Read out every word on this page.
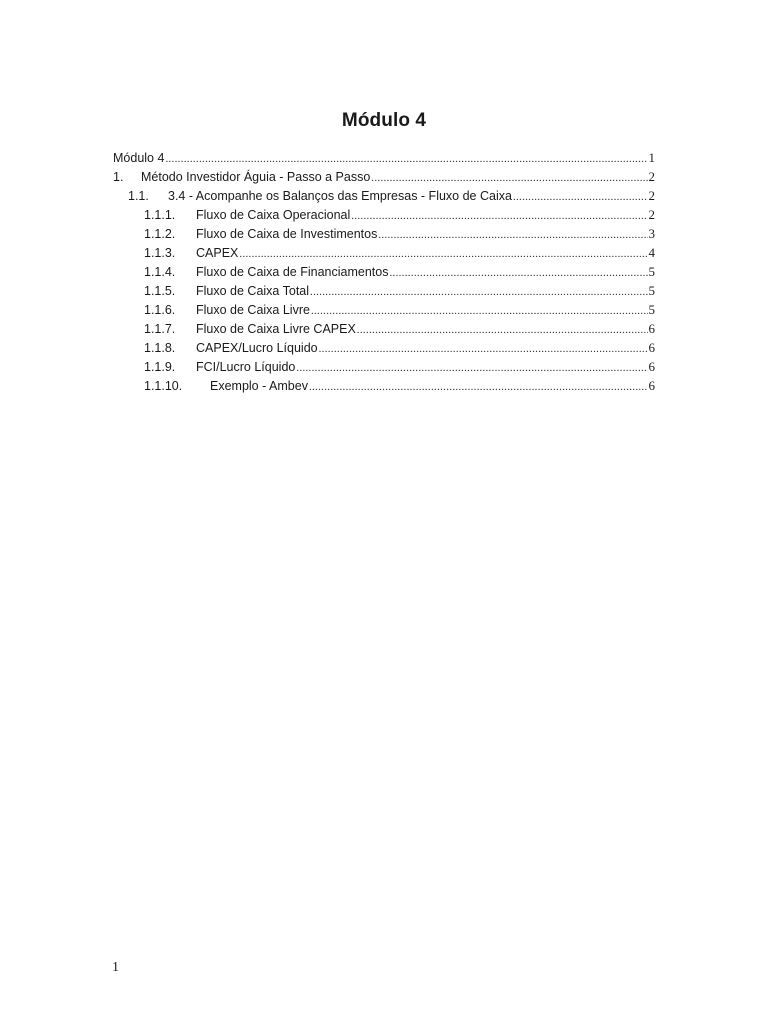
Módulo 4
Módulo 4 .....	1
1.	Método Investidor Águia - Passo a Passo .....	2
1.1.	3.4 - Acompanhe os Balanços das Empresas - Fluxo de Caixa .....	2
1.1.1.	Fluxo de Caixa Operacional .....	2
1.1.2.	Fluxo de Caixa de Investimentos .....	3
1.1.3.	CAPEX .....	4
1.1.4.	Fluxo de Caixa de Financiamentos .....	5
1.1.5.	Fluxo de Caixa Total .....	5
1.1.6.	Fluxo de Caixa Livre .....	5
1.1.7.	Fluxo de Caixa Livre CAPEX .....	6
1.1.8.	CAPEX/Lucro Líquido .....	6
1.1.9.	FCI/Lucro Líquido .....	6
1.1.10.	Exemplo - Ambev .....	6
1
